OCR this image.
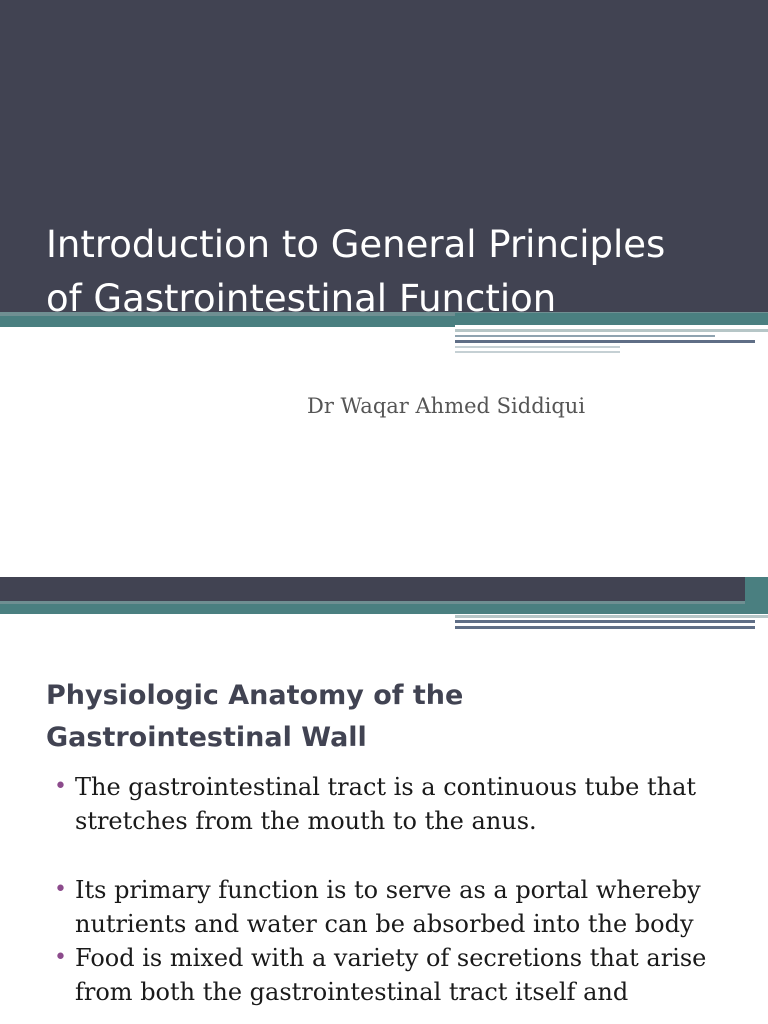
Introduction to General Principles
of Gastrointestinal Function

Dr Waqar Ahmed Siddiqui

Physiologic Anatomy of the
Gastrointestinal Wall
• The gastrointestinal tract is a continuous tube that
stretches from the mouth to the anus.
• Its primary function is to serve as a portal whereby
nutrients and water can be absorbed into the body
• Food is mixed with a variety of secretions that arise
from both the gastrointestinal tract itself and
